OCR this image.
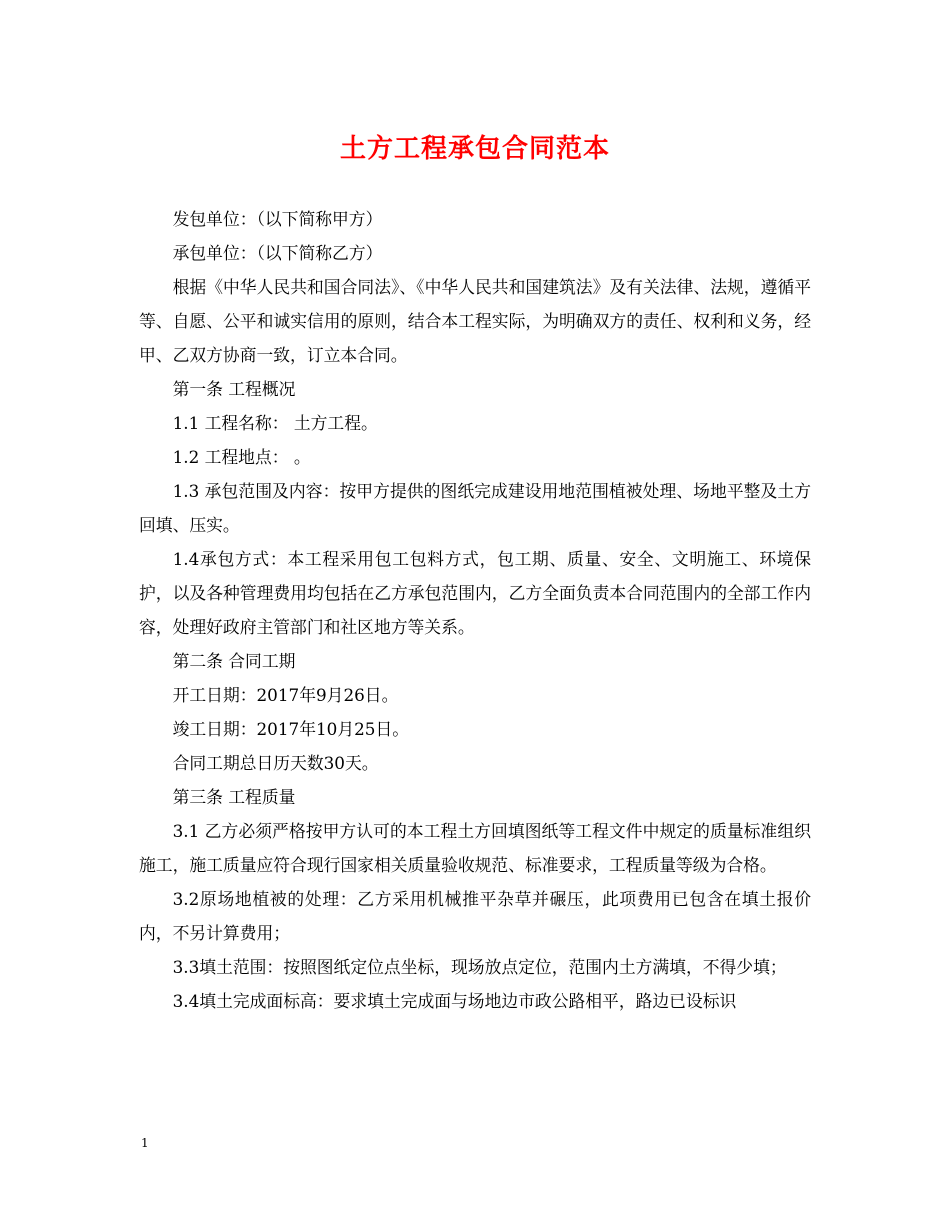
土方工程承包合同范本

发包单位：（以下简称甲方）

承包单位：（以下简称乙方）

根据《中华人民共和国合同法》、《中华人民共和国建筑法》及有关法律、法规，遵循平等、自愿、公平和诚实信用的原则，结合本工程实际，为明确双方的责任、权利和义务，经甲、乙双方协商一致，订立本合同。

第一条 工程概况

1.1 工程名称： 土方工程。

1.2 工程地点： 。

1.3 承包范围及内容：按甲方提供的图纸完成建设用地范围植被处理、场地平整及土方回填、压实。

1.4承包方式：本工程采用包工包料方式，包工期、质量、安全、文明施工、环境保护，以及各种管理费用均包括在乙方承包范围内，乙方全面负责本合同范围内的全部工作内容，处理好政府主管部门和社区地方等关系。

第二条 合同工期

开工日期：2017年9月26日。

竣工日期：2017年10月25日。

合同工期总日历天数30天。

第三条 工程质量

3.1 乙方必须严格按甲方认可的本工程土方回填图纸等工程文件中规定的质量标准组织施工，施工质量应符合现行国家相关质量验收规范、标准要求，工程质量等级为合格。

3.2原场地植被的处理：乙方采用机械推平杂草并碾压，此项费用已包含在填土报价内，不另计算费用；

3.3填土范围：按照图纸定位点坐标，现场放点定位，范围内土方满填，不得少填；

3.4填土完成面标高：要求填土完成面与场地边市政公路相平，路边已设标识

1
